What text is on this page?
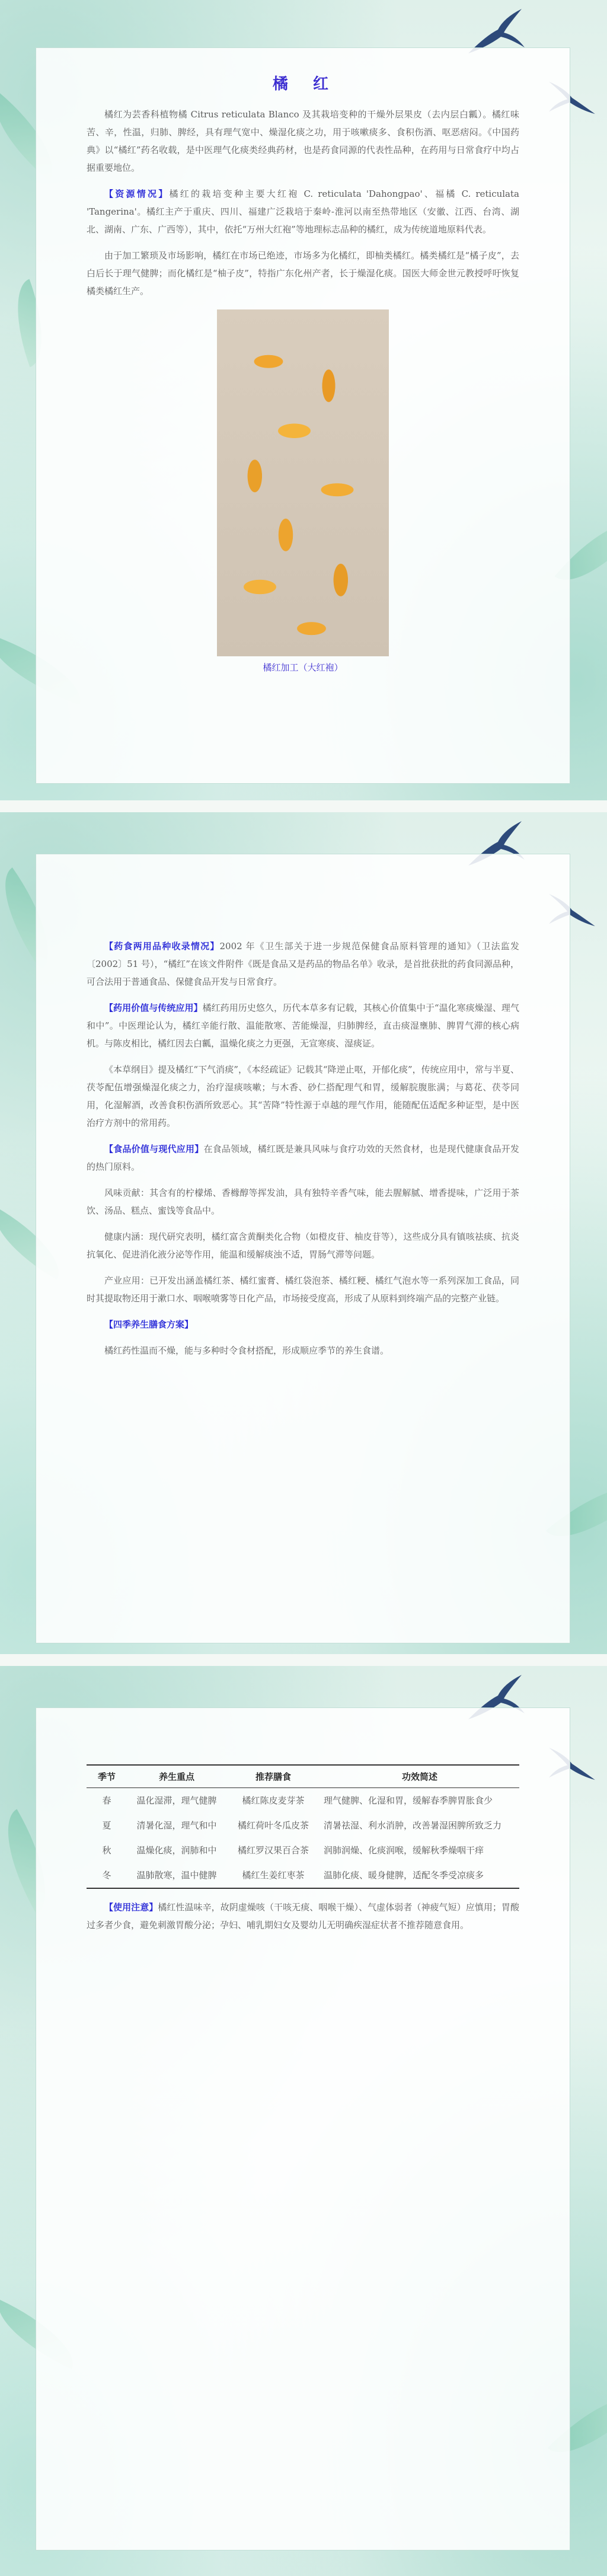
橘　红

橘红为芸香科植物橘 Citrus reticulata Blanco 及其栽培变种的干燥外层果皮（去内层白瓤）。橘红味苦、辛，性温，归肺、脾经，具有理气宽中、燥湿化痰之功，用于咳嗽痰多、食积伤酒、呕恶痞闷。《中国药典》以“橘红”药名收载，是中医理气化痰类经典药材，也是药食同源的代表性品种，在药用与日常食疗中均占据重要地位。

【资源情况】橘红的栽培变种主要大红袍 C. reticulata 'Dahongpao'、福橘 C. reticulata 'Tangerina'。橘红主产于重庆、四川、福建广泛栽培于秦岭-淮河以南至热带地区（安徽、江西、台湾、湖北、湖南、广东、广西等），其中，依托“万州大红袍”等地理标志品种的橘红，成为传统道地原料代表。

由于加工繁琐及市场影响，橘红在市场已绝迹，市场多为化橘红，即柚类橘红。橘类橘红是“橘子皮”，去白后长于理气健脾；而化橘红是“柚子皮”，特指广东化州产者，长于燥湿化痰。国医大师金世元教授呼吁恢复橘类橘红生产。

橘红加工（大红袍）

【药食两用品种收录情况】2002 年《卫生部关于进一步规范保健食品原料管理的通知》（卫法监发〔2002〕51 号），“橘红”在该文件附件《既是食品又是药品的物品名单》收录，是首批获批的药食同源品种，可合法用于普通食品、保健食品开发与日常食疗。

【药用价值与传统应用】橘红药用历史悠久，历代本草多有记载，其核心价值集中于“温化寒痰燥湿、理气和中”。中医理论认为，橘红辛能行散、温能散寒、苦能燥湿，归肺脾经，直击痰湿壅肺、脾胃气滞的核心病机。与陈皮相比，橘红因去白瓤，温燥化痰之力更强，无宣寒痰、湿痰证。

《本草纲目》提及橘红“下气消痰”，《本经疏证》记载其“降逆止呕，开郁化痰”，传统应用中，常与半夏、茯苓配伍增强燥湿化痰之力，治疗湿痰咳嗽；与木香、砂仁搭配理气和胃，缓解脘腹胀满；与葛花、茯苓同用，化湿解酒，改善食积伤酒所致恶心。其“苦降”特性源于卓越的理气作用，能随配伍适配多种证型，是中医治疗方剂中的常用药。

【食品价值与现代应用】在食品领域，橘红既是兼具风味与食疗功效的天然食材，也是现代健康食品开发的热门原料。

风味贡献：其含有的柠檬烯、香橼醇等挥发油，具有独特辛香气味，能去腥解腻、增香提味，广泛用于茶饮、汤品、糕点、蜜饯等食品中。

健康内涵：现代研究表明，橘红富含黄酮类化合物（如橙皮苷、柚皮苷等），这些成分具有镇咳祛痰、抗炎抗氧化、促进消化液分泌等作用，能温和缓解痰浊不适，胃肠气滞等问题。

产业应用：已开发出涵盖橘红茶、橘红蜜膏、橘红袋泡茶、橘红粳、橘红气泡水等一系列深加工食品，同时其提取物还用于漱口水、咽喉喷雾等日化产品，市场接受度高，形成了从原料到终端产品的完整产业链。

【四季养生膳食方案】

橘红药性温而不燥，能与多种时令食材搭配，形成顺应季节的养生食谱。

季节	养生重点	推荐膳食	功效简述
春	温化湿滞，理气健脾	橘红陈皮麦芽茶	理气健脾、化湿和胃，缓解春季脾胃胀食少
夏	清暑化湿，理气和中	橘红荷叶冬瓜皮茶	清暑祛湿、利水消肿，改善暑湿困脾所致乏力
秋	温燥化痰，润肺和中	橘红罗汉果百合茶	润肺润燥、化痰润喉，缓解秋季燥咽干痒
冬	温肺散寒，温中健脾	橘红生姜红枣茶	温肺化痰、暖身健脾，适配冬季受凉痰多

【使用注意】橘红性温味辛，故阴虚燥咳（干咳无痰、咽喉干燥）、气虚体弱者（神疲气短）应慎用；胃酸过多者少食，避免刺激胃酸分泌；孕妇、哺乳期妇女及婴幼儿无明确疾湿症状者不推荐随意食用。
